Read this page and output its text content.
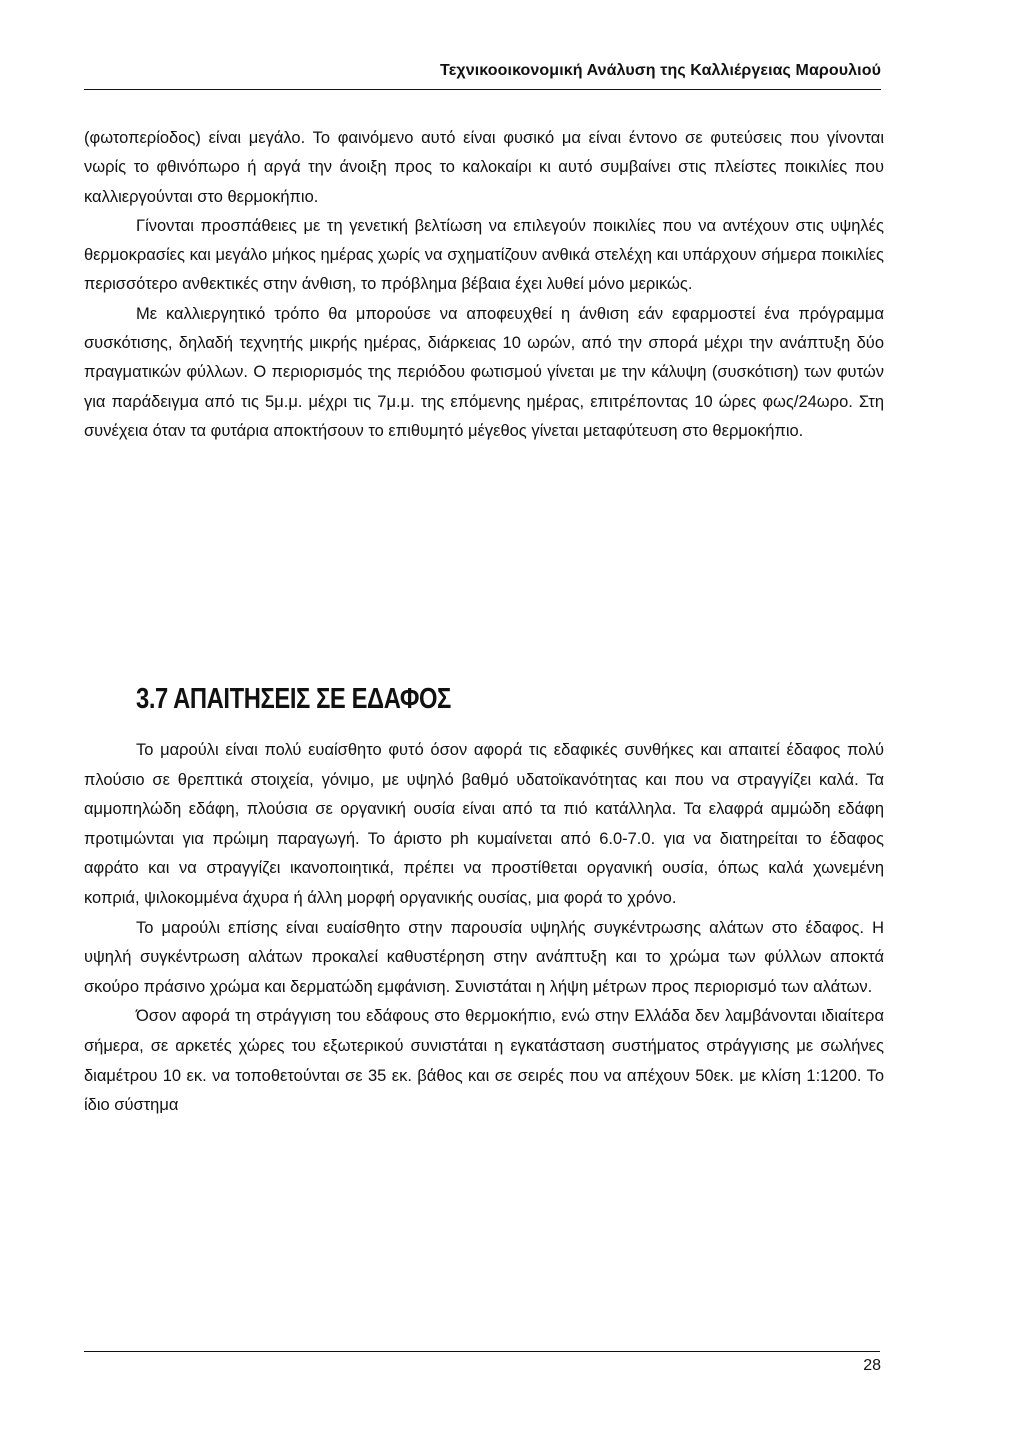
Τεχνικοοικονομική Ανάλυση της Καλλιέργειας Μαρουλιού

(φωτοπερίοδος) είναι μεγάλο. Το φαινόμενο αυτό είναι φυσικό μα είναι έντονο σε φυτεύσεις που γίνονται νωρίς το φθινόπωρο ή αργά την άνοιξη προς το καλοκαίρι κι αυτό συμβαίνει στις πλείστες ποικιλίες που καλλιεργούνται στο θερμοκήπιο.

Γίνονται προσπάθειες με τη γενετική βελτίωση να επιλεγούν ποικιλίες που να αντέχουν στις υψηλές θερμοκρασίες και μεγάλο μήκος ημέρας χωρίς να σχηματίζουν ανθικά στελέχη και υπάρχουν σήμερα ποικιλίες περισσότερο ανθεκτικές στην άνθιση, το πρόβλημα βέβαια έχει λυθεί μόνο μερικώς.

Με καλλιεργητικό τρόπο θα μπορούσε να αποφευχθεί η άνθιση εάν εφαρμοστεί ένα πρόγραμμα συσκότισης, δηλαδή τεχνητής μικρής ημέρας, διάρκειας 10 ωρών, από την σπορά μέχρι την ανάπτυξη δύο πραγματικών φύλλων. Ο περιορισμός της περιόδου φωτισμού γίνεται με την κάλυψη (συσκότιση) των φυτών για παράδειγμα από τις 5μ.μ. μέχρι τις 7μ.μ. της επόμενης ημέρας, επιτρέποντας 10 ώρες φως/24ωρο. Στη συνέχεια όταν τα φυτάρια αποκτήσουν το επιθυμητό μέγεθος γίνεται μεταφύτευση στο θερμοκήπιο.

3.7 ΑΠΑΙΤΗΣΕΙΣ ΣΕ ΕΔΑΦΟΣ

Το μαρούλι είναι πολύ ευαίσθητο φυτό όσον αφορά τις εδαφικές συνθήκες και απαιτεί έδαφος πολύ πλούσιο σε θρεπτικά στοιχεία, γόνιμο, με υψηλό βαθμό υδατοϊκανότητας και που να στραγγίζει καλά. Τα αμμοπηλώδη εδάφη, πλούσια σε οργανική ουσία είναι από τα πιό κατάλληλα. Τα ελαφρά αμμώδη εδάφη προτιμώνται για πρώιμη παραγωγή. Το άριστο ph κυμαίνεται από 6.0-7.0. για να διατηρείται το έδαφος αφράτο και να στραγγίζει ικανοποιητικά, πρέπει να προστίθεται οργανική ουσία, όπως καλά χωνεμένη κοπριά, ψιλοκομμένα άχυρα ή άλλη μορφή οργανικής ουσίας, μια φορά το χρόνο.

Το μαρούλι επίσης είναι ευαίσθητο στην παρουσία υψηλής συγκέντρωσης αλάτων στο έδαφος. Η υψηλή συγκέντρωση αλάτων προκαλεί καθυστέρηση στην ανάπτυξη και το χρώμα των φύλλων αποκτά σκούρο πράσινο χρώμα και δερματώδη εμφάνιση. Συνιστάται η λήψη μέτρων προς περιορισμό των αλάτων.

Όσον αφορά τη στράγγιση του εδάφους στο θερμοκήπιο, ενώ στην Ελλάδα δεν λαμβάνονται ιδιαίτερα σήμερα, σε αρκετές χώρες του εξωτερικού συνιστάται η εγκατάσταση συστήματος στράγγισης με σωλήνες διαμέτρου 10 εκ. να τοποθετούνται σε 35 εκ. βάθος και σε σειρές που να απέχουν 50εκ. με κλίση 1:1200. Το ίδιο σύστημα

28
